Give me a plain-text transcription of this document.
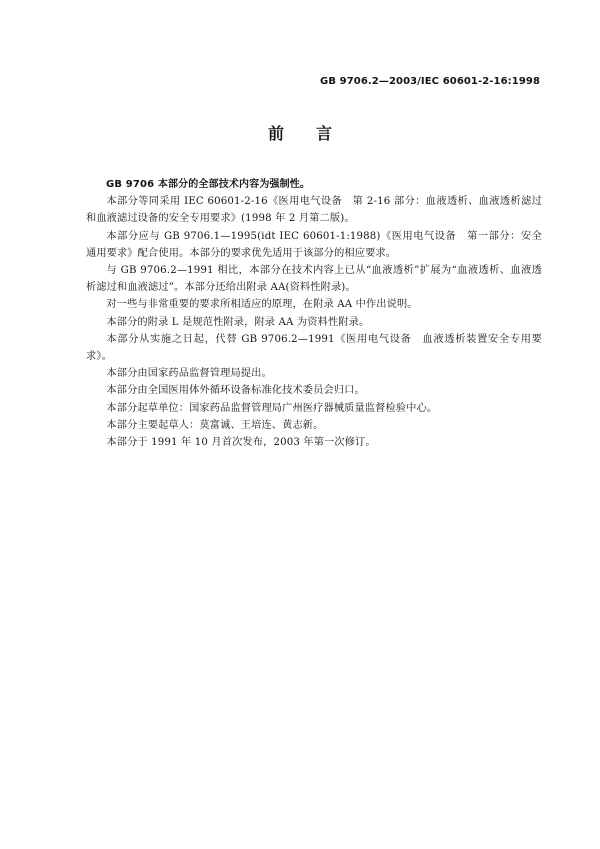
GB 9706.2—2003/IEC 60601-2-16:1998
前 言

GB 9706 本部分的全部技术内容为强制性。

本部分等同采用 IEC 60601-2-16《医用电气设备　第 2-16 部分：血液透析、血液透析滤过和血液滤过设备的安全专用要求》(1998 年 2 月第二版)。

本部分应与 GB 9706.1—1995(idt IEC 60601-1:1988)《医用电气设备　第一部分：安全通用要求》配合使用。本部分的要求优先适用于该部分的相应要求。

与 GB 9706.2—1991 相比，本部分在技术内容上已从“血液透析”扩展为“血液透析、血液透析滤过和血液滤过”。本部分还给出附录 AA(资料性附录)。

对一些与非常重要的要求所相适应的原理，在附录 AA 中作出说明。

本部分的附录 L 是规范性附录，附录 AA 为资料性附录。

本部分从实施之日起，代替 GB 9706.2—1991《医用电气设备　血液透析装置安全专用要求》。

本部分由国家药品监督管理局提出。

本部分由全国医用体外循环设备标准化技术委员会归口。

本部分起草单位：国家药品监督管理局广州医疗器械质量监督检验中心。

本部分主要起草人：莫富诚、王培连、黄志新。

本部分于 1991 年 10 月首次发布，2003 年第一次修订。
